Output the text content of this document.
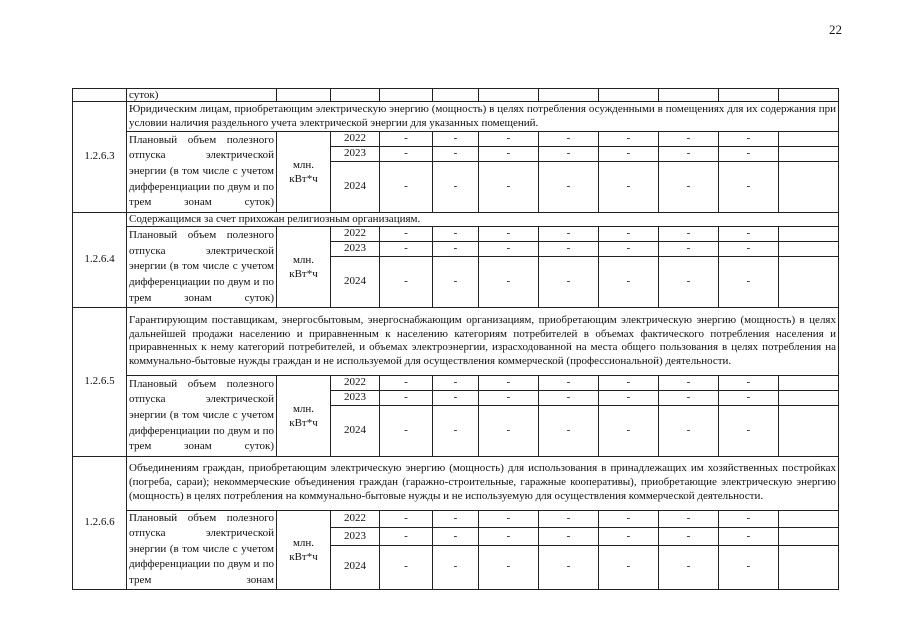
22
	суток)										
1.2.6.3	Юридическим лицам, приобретающим электрическую энергию (мощность) в целях потребления осужденными в помещениях для их содержания при условии наличия раздельного учета электрической энергии для указанных помещений.										
	Плановый объем полезного отпуска электрической энергии (в том числе с учетом дифференциации по двум и по трем зонам суток)	млн. кВт*ч	2022	-	-	-	-	-	-	-	
			2023	-	-	-	-	-	-	-	
			2024	-	-	-	-	-	-	-	
1.2.6.4	Содержащимся за счет прихожан религиозным организациям.										
	Плановый объем полезного отпуска электрической энергии (в том числе с учетом дифференциации по двум и по трем зонам суток)	млн. кВт*ч	2022	-	-	-	-	-	-	-	
			2023	-	-	-	-	-	-	-	
			2024	-	-	-	-	-	-	-	
1.2.6.5	Гарантирующим поставщикам, энергосбытовым, энергоснабжающим организациям, приобретающим электрическую энергию (мощность) в целях дальнейшей продажи населению и приравненным к населению категориям потребителей в объемах фактического потребления населения и приравненных к нему категорий потребителей, и объемах электроэнергии, израсходованной на места общего пользования в целях потребления на коммунально-бытовые нужды граждан и не используемой для осуществления коммерческой (профессиональной) деятельности.										
	Плановый объем полезного отпуска электрической энергии (в том числе с учетом дифференциации по двум и по трем зонам суток)	млн. кВт*ч	2022	-	-	-	-	-	-	-	
			2023	-	-	-	-	-	-	-	
			2024	-	-	-	-	-	-	-	
1.2.6.6	Объединениям граждан, приобретающим электрическую энергию (мощность) для использования в принадлежащих им хозяйственных постройках (погреба, сараи); некоммерческие объединения граждан (гаражно-строительные, гаражные кооперативы), приобретающие электрическую энергию (мощность) в целях потребления на коммунально-бытовые нужды и не используемую для осуществления коммерческой деятельности.										
	Плановый объем полезного отпуска электрической энергии (в том числе с учетом дифференциации по двум и по трем зонам	млн. кВт*ч	2022	-	-	-	-	-	-	-	
			2023	-	-	-	-	-	-	-	
			2024	-	-	-	-	-	-	-	
